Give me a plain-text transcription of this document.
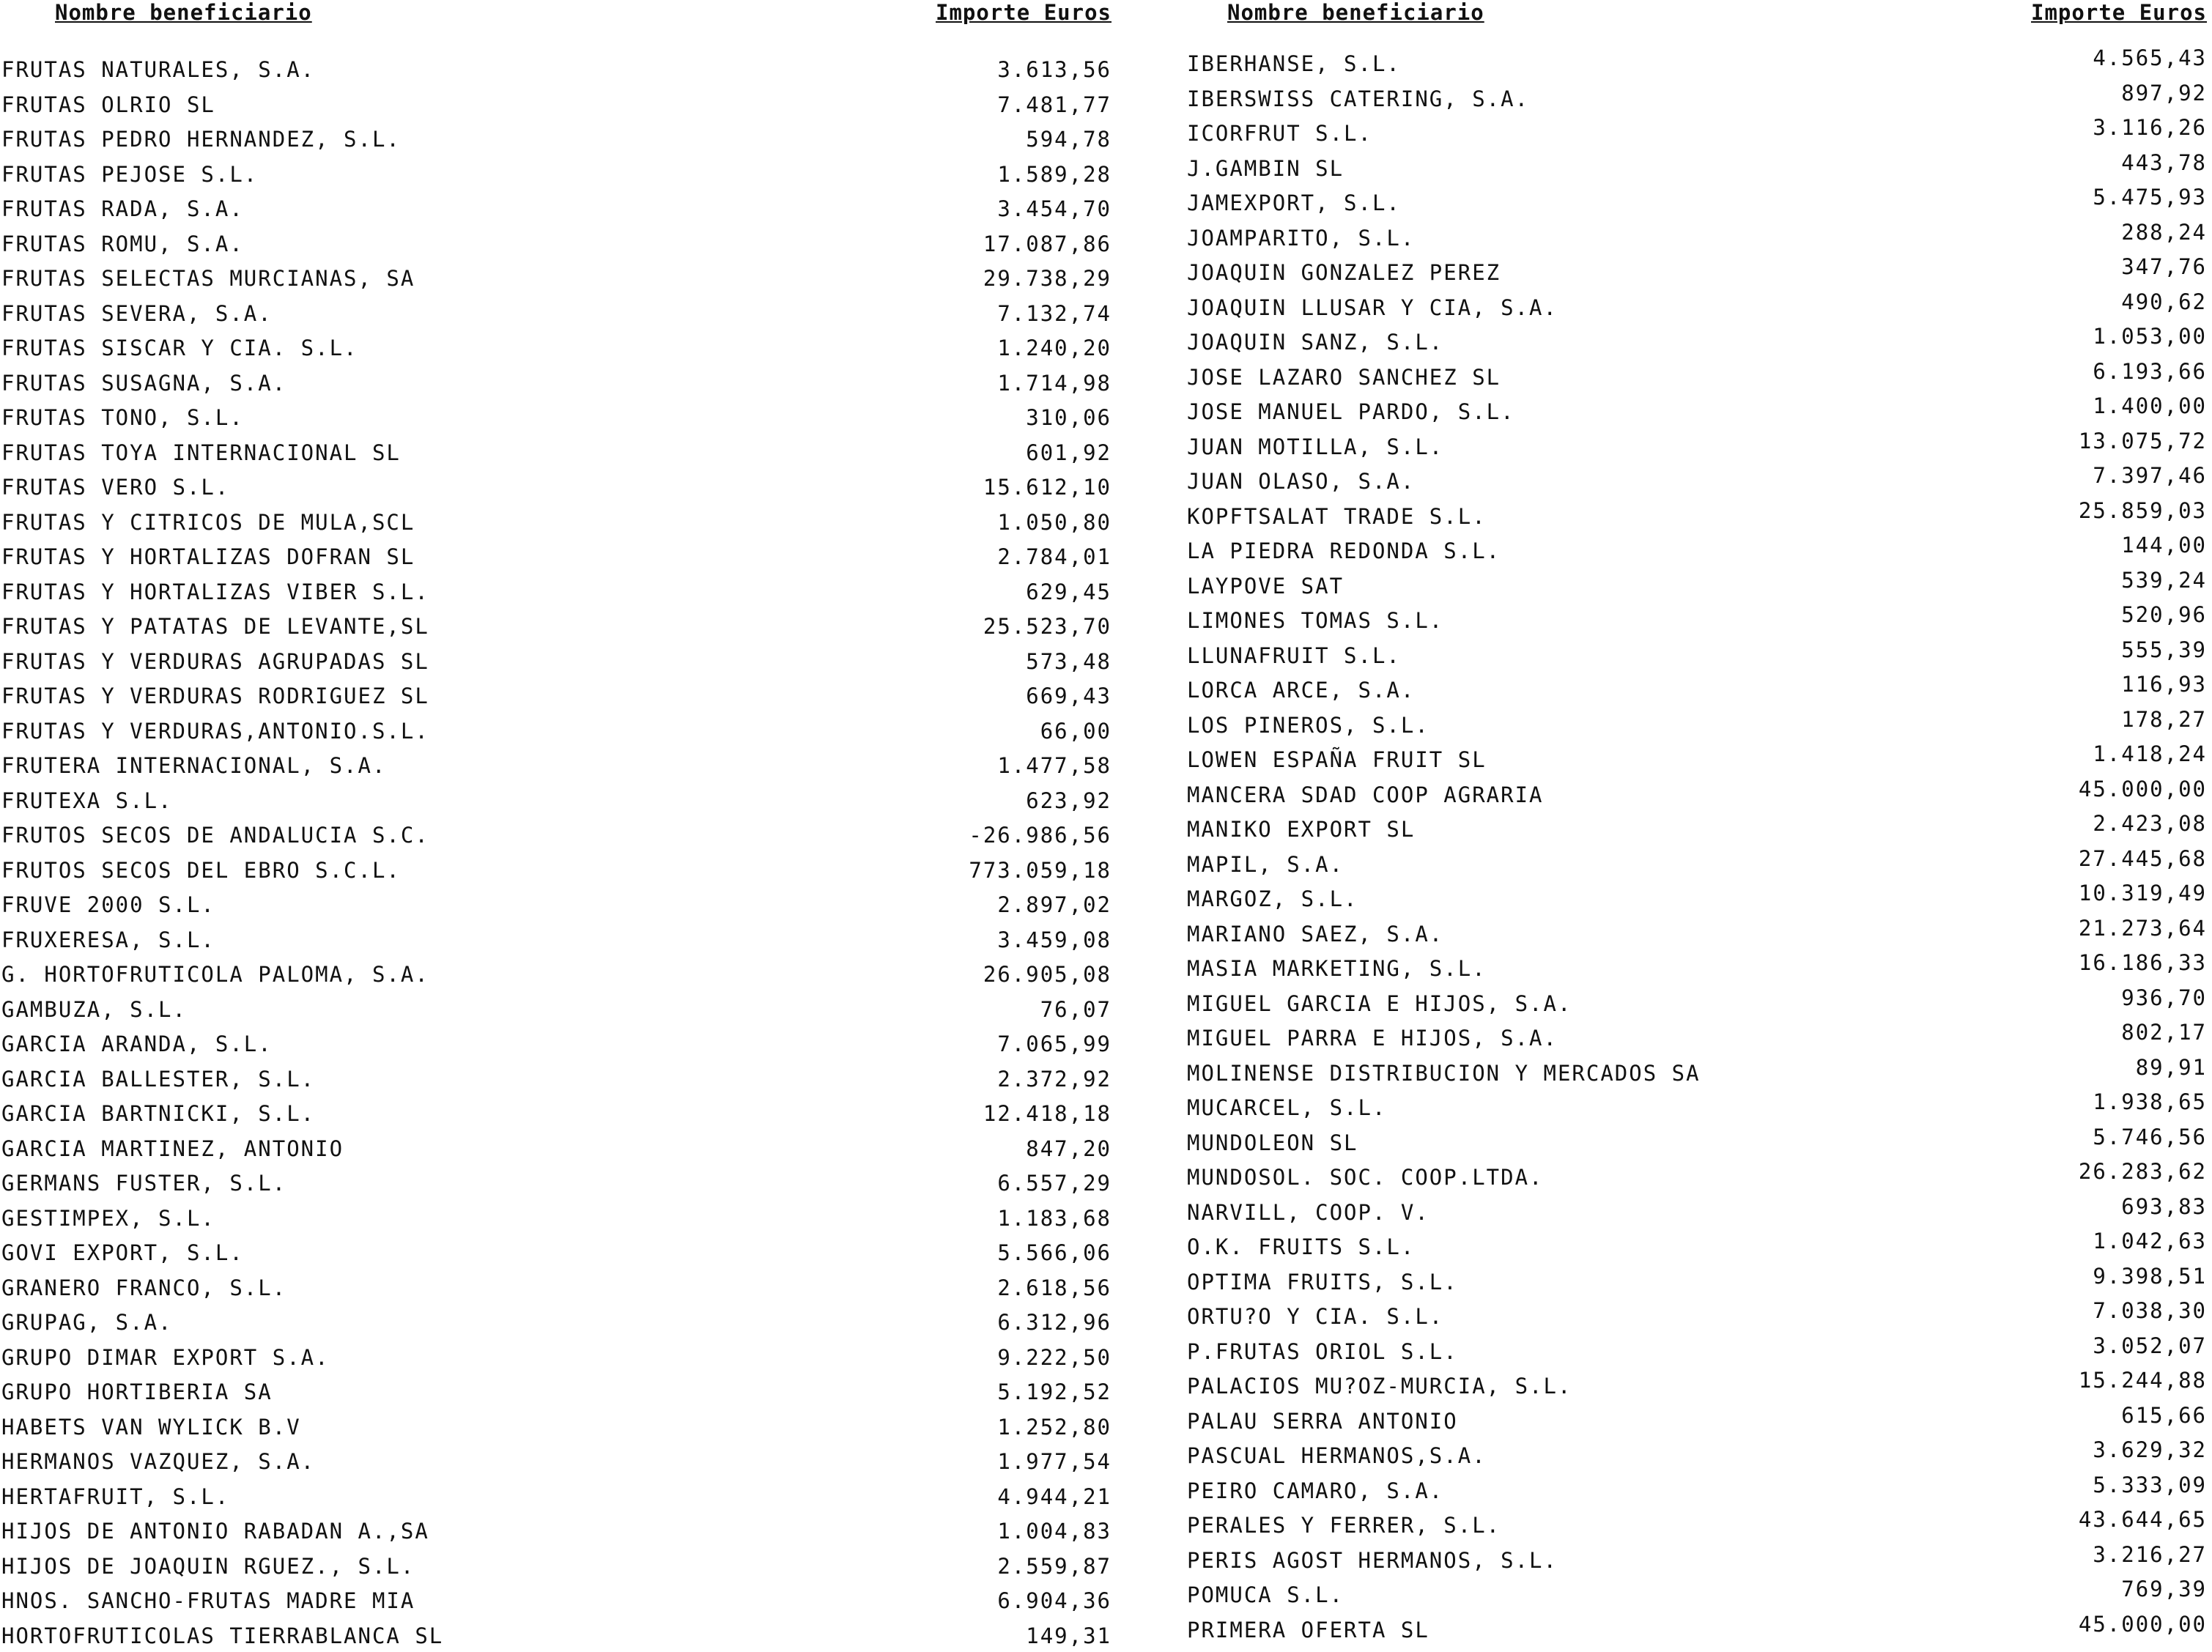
Nombre beneficiario	Importe Euros
FRUTAS NATURALES, S.A.	3.613,56
FRUTAS OLRIO SL	7.481,77
FRUTAS PEDRO HERNANDEZ, S.L.	594,78
FRUTAS PEJOSE S.L.	1.589,28
FRUTAS RADA, S.A.	3.454,70
FRUTAS ROMU, S.A.	17.087,86
FRUTAS SELECTAS MURCIANAS, SA	29.738,29
FRUTAS SEVERA, S.A.	7.132,74
FRUTAS SISCAR Y CIA. S.L.	1.240,20
FRUTAS SUSAGNA, S.A.	1.714,98
FRUTAS TONO, S.L.	310,06
FRUTAS TOYA INTERNACIONAL SL	601,92
FRUTAS VERO S.L.	15.612,10
FRUTAS Y CITRICOS DE MULA,SCL	1.050,80
FRUTAS Y HORTALIZAS DOFRAN SL	2.784,01
FRUTAS Y HORTALIZAS VIBER S.L.	629,45
FRUTAS Y PATATAS DE LEVANTE,SL	25.523,70
FRUTAS Y VERDURAS AGRUPADAS SL	573,48
FRUTAS Y VERDURAS RODRIGUEZ SL	669,43
FRUTAS Y VERDURAS,ANTONIO.S.L.	66,00
FRUTERA INTERNACIONAL, S.A.	1.477,58
FRUTEXA S.L.	623,92
FRUTOS SECOS DE ANDALUCIA S.C.	-26.986,56
FRUTOS SECOS DEL EBRO S.C.L.	773.059,18
FRUVE 2000 S.L.	2.897,02
FRUXERESA, S.L.	3.459,08
G. HORTOFRUTICOLA PALOMA, S.A.	26.905,08
GAMBUZA, S.L.	76,07
GARCIA ARANDA, S.L.	7.065,99
GARCIA BALLESTER, S.L.	2.372,92
GARCIA BARTNICKI, S.L.	12.418,18
GARCIA MARTINEZ, ANTONIO	847,20
GERMANS FUSTER, S.L.	6.557,29
GESTIMPEX, S.L.	1.183,68
GOVI EXPORT, S.L.	5.566,06
GRANERO FRANCO, S.L.	2.618,56
GRUPAG, S.A.	6.312,96
GRUPO DIMAR EXPORT S.A.	9.222,50
GRUPO HORTIBERIA SA	5.192,52
HABETS VAN WYLICK B.V	1.252,80
HERMANOS VAZQUEZ, S.A.	1.977,54
HERTAFRUIT, S.L.	4.944,21
HIJOS DE ANTONIO RABADAN A.,SA	1.004,83
HIJOS DE JOAQUIN RGUEZ., S.L.	2.559,87
HNOS. SANCHO-FRUTAS MADRE MIA	6.904,36
HORTOFRUTICOLAS TIERRABLANCA SL	149,31
Nombre beneficiario	Importe Euros
IBERHANSE, S.L.	4.565,43
IBERSWISS CATERING, S.A.	897,92
ICORFRUT S.L.	3.116,26
J.GAMBIN SL	443,78
JAMEXPORT, S.L.	5.475,93
JOAMPARITO, S.L.	288,24
JOAQUIN GONZALEZ PEREZ	347,76
JOAQUIN LLUSAR Y CIA, S.A.	490,62
JOAQUIN SANZ, S.L.	1.053,00
JOSE LAZARO SANCHEZ SL	6.193,66
JOSE MANUEL PARDO, S.L.	1.400,00
JUAN MOTILLA, S.L.	13.075,72
JUAN OLASO, S.A.	7.397,46
KOPFTSALAT TRADE S.L.	25.859,03
LA PIEDRA REDONDA S.L.	144,00
LAYPOVE SAT	539,24
LIMONES TOMAS S.L.	520,96
LLUNAFRUIT S.L.	555,39
LORCA ARCE, S.A.	116,93
LOS PINEROS, S.L.	178,27
LOWEN ESPAÑA FRUIT SL	1.418,24
MANCERA SDAD COOP AGRARIA	45.000,00
MANIKO EXPORT SL	2.423,08
MAPIL, S.A.	27.445,68
MARGOZ, S.L.	10.319,49
MARIANO SAEZ, S.A.	21.273,64
MASIA MARKETING, S.L.	16.186,33
MIGUEL GARCIA E HIJOS, S.A.	936,70
MIGUEL PARRA E HIJOS, S.A.	802,17
MOLINENSE DISTRIBUCION Y MERCADOS SA	89,91
MUCARCEL, S.L.	1.938,65
MUNDOLEON SL	5.746,56
MUNDOSOL. SOC. COOP.LTDA.	26.283,62
NARVILL, COOP. V.	693,83
O.K. FRUITS S.L.	1.042,63
OPTIMA FRUITS, S.L.	9.398,51
ORTU?O Y CIA. S.L.	7.038,30
P.FRUTAS ORIOL S.L.	3.052,07
PALACIOS MU?OZ-MURCIA, S.L.	15.244,88
PALAU SERRA ANTONIO	615,66
PASCUAL HERMANOS,S.A.	3.629,32
PEIRO CAMARO, S.A.	5.333,09
PERALES Y FERRER, S.L.	43.644,65
PERIS AGOST HERMANOS, S.L.	3.216,27
POMUCA S.L.	769,39
PRIMERA OFERTA SL	45.000,00
